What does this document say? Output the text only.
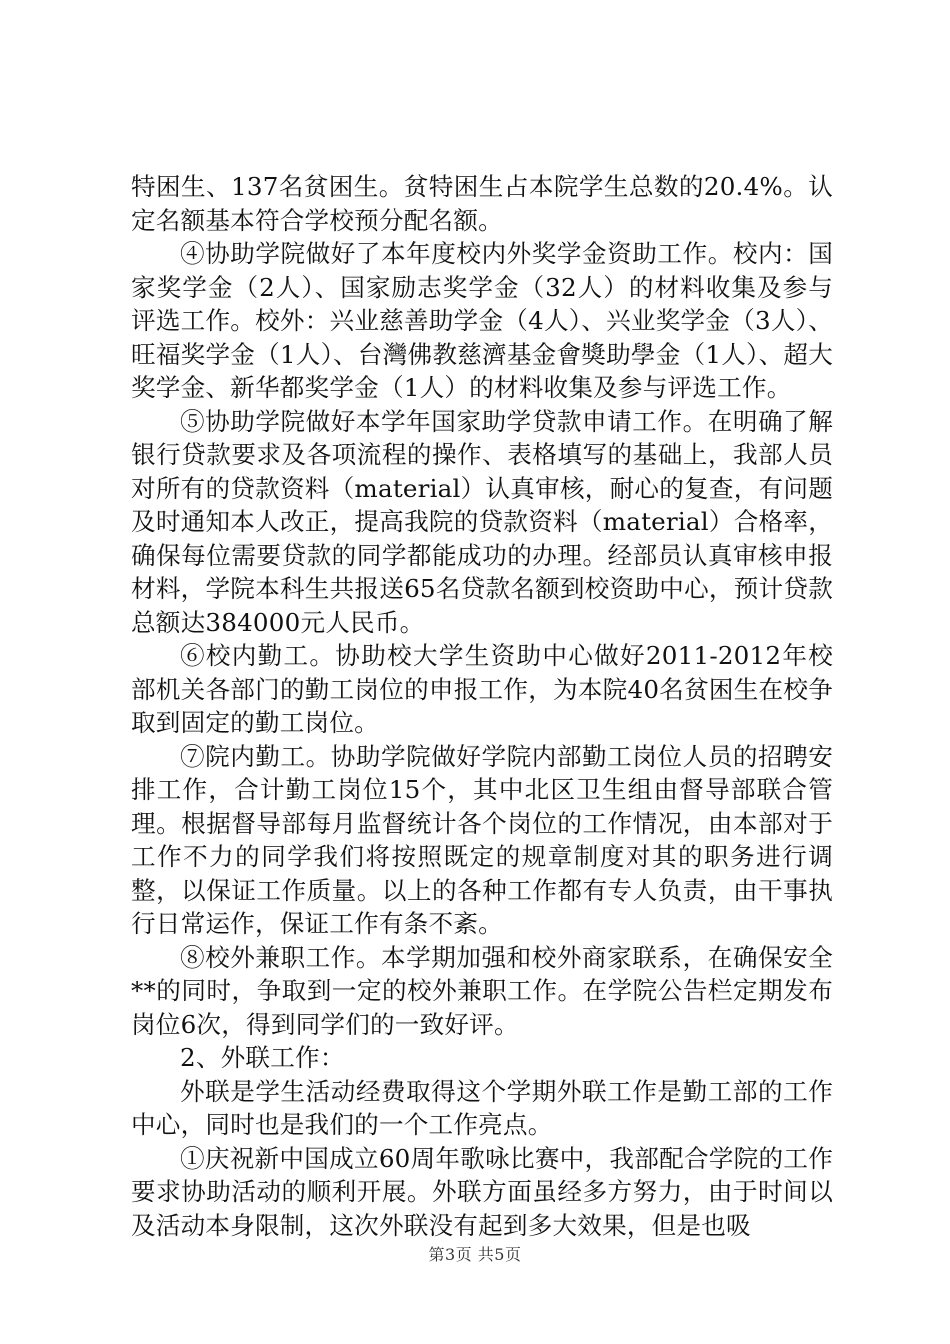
特困生、137名贫困生。贫特困生占本院学生总数的20.4%。认定名额基本符合学校预分配名额。

④协助学院做好了本年度校内外奖学金资助工作。校内：国家奖学金（2人）、国家励志奖学金（32人）的材料收集及参与评选工作。校外：兴业慈善助学金（4人）、兴业奖学金（3人）、旺福奖学金（1人）、台灣佛教慈濟基金會獎助學金（1人）、超大奖学金、新华都奖学金（1人）的材料收集及参与评选工作。

⑤协助学院做好本学年国家助学贷款申请工作。在明确了解银行贷款要求及各项流程的操作、表格填写的基础上，我部人员对所有的贷款资料（material）认真审核，耐心的复查，有问题及时通知本人改正，提高我院的贷款资料（material）合格率，确保每位需要贷款的同学都能成功的办理。经部员认真审核申报材料，学院本科生共报送65名贷款名额到校资助中心，预计贷款总额达384000元人民币。

⑥校内勤工。协助校大学生资助中心做好2011-2012年校部机关各部门的勤工岗位的申报工作，为本院40名贫困生在校争取到固定的勤工岗位。

⑦院内勤工。协助学院做好学院内部勤工岗位人员的招聘安排工作，合计勤工岗位15个，其中北区卫生组由督导部联合管理。根据督导部每月监督统计各个岗位的工作情况，由本部对于工作不力的同学我们将按照既定的规章制度对其的职务进行调整，以保证工作质量。以上的各种工作都有专人负责，由干事执行日常运作，保证工作有条不紊。

⑧校外兼职工作。本学期加强和校外商家联系，在确保安全**的同时，争取到一定的校外兼职工作。在学院公告栏定期发布岗位6次，得到同学们的一致好评。

2、外联工作：

外联是学生活动经费取得这个学期外联工作是勤工部的工作中心，同时也是我们的一个工作亮点。

①庆祝新中国成立60周年歌咏比赛中，我部配合学院的工作要求协助活动的顺利开展。外联方面虽经多方努力，由于时间以及活动本身限制，这次外联没有起到多大效果，但是也吸

第3页 共5页
